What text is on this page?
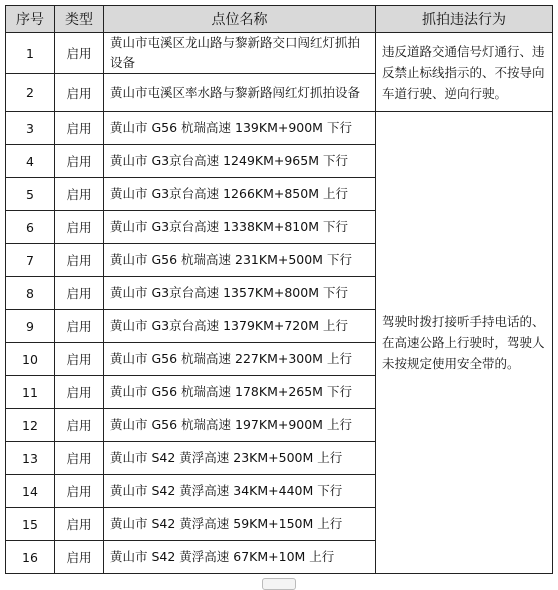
序号	类型	点位名称	抓拍违法行为
1	启用	黄山市屯溪区龙山路与黎新路交口闯红灯抓拍设备	违反道路交通信号灯通行、违反禁止标线指示的、不按导向车道行驶、逆向行驶。
2	启用	黄山市屯溪区率水路与黎新路闯红灯抓拍设备	
3	启用	黄山市 G56 杭瑞高速 139KM+900M 下行	驾驶时拨打接听手持电话的、在高速公路上行驶时，驾驶人未按规定使用安全带的。
4	启用	黄山市 G3京台高速 1249KM+965M 下行	
5	启用	黄山市 G3京台高速 1266KM+850M 上行	
6	启用	黄山市 G3京台高速 1338KM+810M 下行	
7	启用	黄山市 G56 杭瑞高速 231KM+500M 下行	
8	启用	黄山市 G3京台高速 1357KM+800M 下行	
9	启用	黄山市 G3京台高速 1379KM+720M 上行	
10	启用	黄山市 G56 杭瑞高速 227KM+300M 上行	
11	启用	黄山市 G56 杭瑞高速 178KM+265M 下行	
12	启用	黄山市 G56 杭瑞高速 197KM+900M 上行	
13	启用	黄山市 S42 黄浮高速 23KM+500M 上行	
14	启用	黄山市 S42 黄浮高速 34KM+440M 下行	
15	启用	黄山市 S42 黄浮高速 59KM+150M 上行	
16	启用	黄山市 S42 黄浮高速 67KM+10M 上行	
